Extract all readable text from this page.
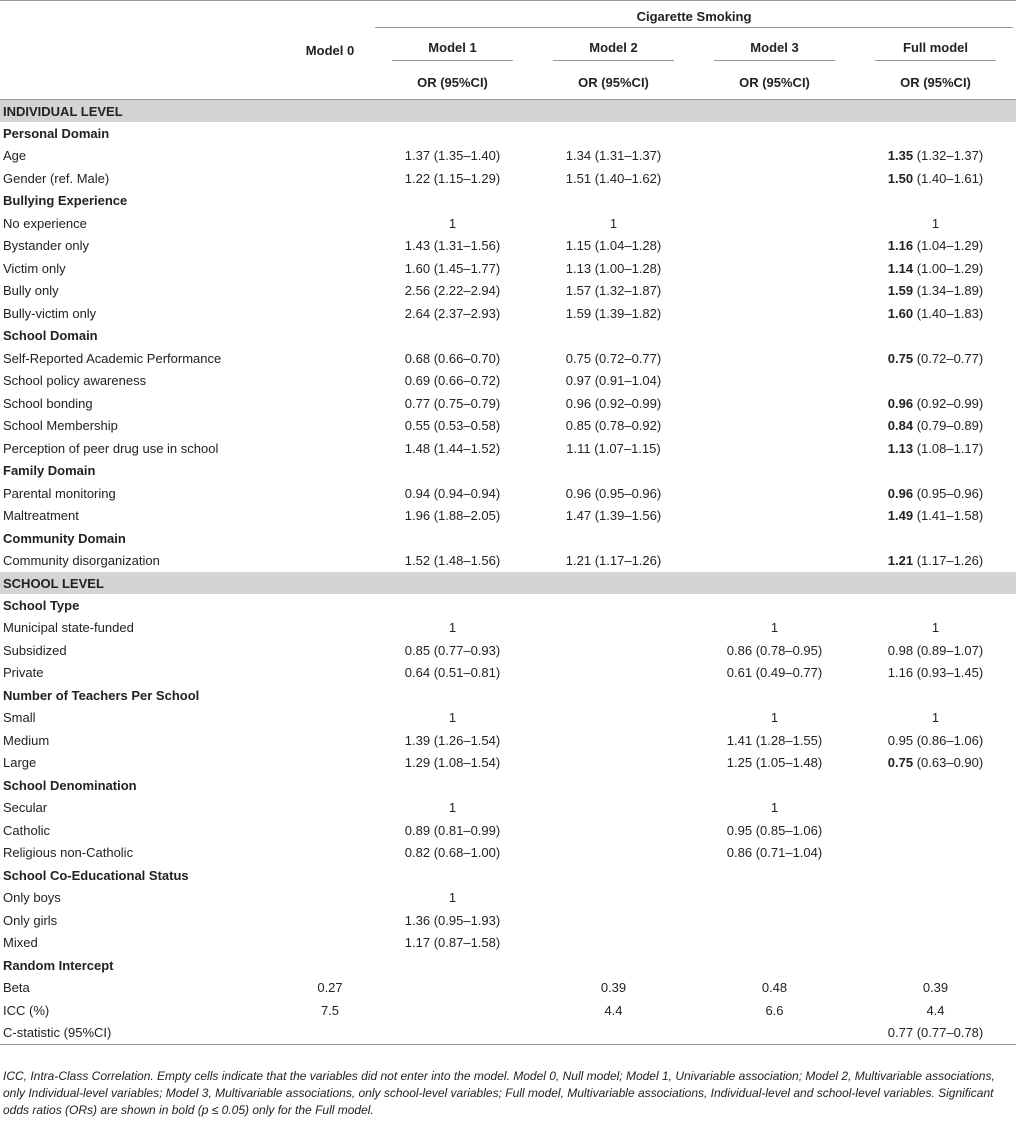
		Cigarette Smoking			

	Model 0	Model 1	Model 2	Model 3	Full model

		OR (95%CI)	OR (95%CI)	OR (95%CI)	OR (95%CI)
INDIVIDUAL LEVEL					
Personal Domain					
Age		1.37 (1.35–1.40)	1.34 (1.31–1.37)		1.35 (1.32–1.37)
Gender (ref. Male)		1.22 (1.15–1.29)	1.51 (1.40–1.62)		1.50 (1.40–1.61)
Bullying Experience					
No experience		1	1		1
Bystander only		1.43 (1.31–1.56)	1.15 (1.04–1.28)		1.16 (1.04–1.29)
Victim only		1.60 (1.45–1.77)	1.13 (1.00–1.28)		1.14 (1.00–1.29)
Bully only		2.56 (2.22–2.94)	1.57 (1.32–1.87)		1.59 (1.34–1.89)
Bully-victim only		2.64 (2.37–2.93)	1.59 (1.39–1.82)		1.60 (1.40–1.83)
School Domain					
Self-Reported Academic Performance		0.68 (0.66–0.70)	0.75 (0.72–0.77)		0.75 (0.72–0.77)
School policy awareness		0.69 (0.66–0.72)	0.97 (0.91–1.04)		
School bonding		0.77 (0.75–0.79)	0.96 (0.92–0.99)		0.96 (0.92–0.99)
School Membership		0.55 (0.53–0.58)	0.85 (0.78–0.92)		0.84 (0.79–0.89)
Perception of peer drug use in school		1.48 (1.44–1.52)	1.11 (1.07–1.15)		1.13 (1.08–1.17)
Family Domain					
Parental monitoring		0.94 (0.94–0.94)	0.96 (0.95–0.96)		0.96 (0.95–0.96)
Maltreatment		1.96 (1.88–2.05)	1.47 (1.39–1.56)		1.49 (1.41–1.58)
Community Domain					
Community disorganization		1.52 (1.48–1.56)	1.21 (1.17–1.26)		1.21 (1.17–1.26)
SCHOOL LEVEL					
School Type					
Municipal state-funded		1		1	1
Subsidized		0.85 (0.77–0.93)		0.86 (0.78–0.95)	0.98 (0.89–1.07)
Private		0.64 (0.51–0.81)		0.61 (0.49–0.77)	1.16 (0.93–1.45)
Number of Teachers Per School					
Small		1		1	1
Medium		1.39 (1.26–1.54)		1.41 (1.28–1.55)	0.95 (0.86–1.06)
Large		1.29 (1.08–1.54)		1.25 (1.05–1.48)	0.75 (0.63–0.90)
School Denomination					
Secular		1		1	
Catholic		0.89 (0.81–0.99)		0.95 (0.85–1.06)	
Religious non-Catholic		0.82 (0.68–1.00)		0.86 (0.71–1.04)	
School Co-Educational Status					
Only boys		1			
Only girls		1.36 (0.95–1.93)			
Mixed		1.17 (0.87–1.58)			
Random Intercept					
Beta	0.27		0.39	0.48	0.39
ICC (%)	7.5		4.4	6.6	4.4
C-statistic (95%CI)					0.77 (0.77–0.78)
ICC, Intra-Class Correlation. Empty cells indicate that the variables did not enter into the model. Model 0, Null model; Model 1, Univariable association; Model 2, Multivariable associations, only Individual-level variables; Model 3, Multivariable associations, only school-level variables; Full model, Multivariable associations, Individual-level and school-level variables. Significant odds ratios (ORs) are shown in bold (p ≤ 0.05) only for the Full model.
